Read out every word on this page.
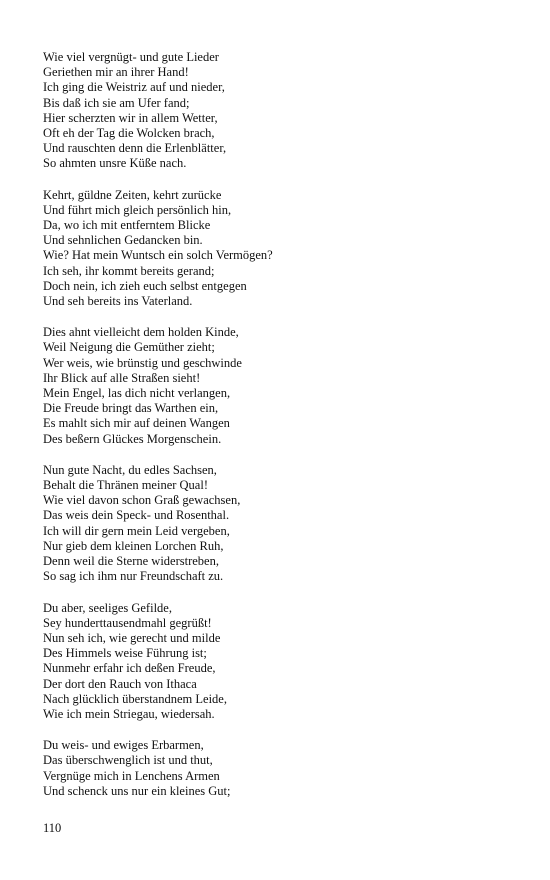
Wie viel vergnügt- und gute Lieder
Geriethen mir an ihrer Hand!
Ich ging die Weistriz auf und nieder,
Bis daß ich sie am Ufer fand;
Hier scherzten wir in allem Wetter,
Oft eh der Tag die Wolcken brach,
Und rauschten denn die Erlenblätter,
So ahmten unsre Küße nach.
Kehrt, güldne Zeiten, kehrt zurücke
Und führt mich gleich persönlich hin,
Da, wo ich mit entferntem Blicke
Und sehnlichen Gedancken bin.
Wie? Hat mein Wuntsch ein solch Vermögen?
Ich seh, ihr kommt bereits gerand;
Doch nein, ich zieh euch selbst entgegen
Und seh bereits ins Vaterland.
Dies ahnt vielleicht dem holden Kinde,
Weil Neigung die Gemüther zieht;
Wer weis, wie brünstig und geschwinde
Ihr Blick auf alle Straßen sieht!
Mein Engel, las dich nicht verlangen,
Die Freude bringt das Warthen ein,
Es mahlt sich mir auf deinen Wangen
Des beßern Glückes Morgenschein.
Nun gute Nacht, du edles Sachsen,
Behalt die Thränen meiner Qual!
Wie viel davon schon Graß gewachsen,
Das weis dein Speck- und Rosenthal.
Ich will dir gern mein Leid vergeben,
Nur gieb dem kleinen Lorchen Ruh,
Denn weil die Sterne widerstreben,
So sag ich ihm nur Freundschaft zu.
Du aber, seeliges Gefilde,
Sey hunderttausendmahl gegrüßt!
Nun seh ich, wie gerecht und milde
Des Himmels weise Führung ist;
Nunmehr erfahr ich deßen Freude,
Der dort den Rauch von Ithaca
Nach glücklich überstandnem Leide,
Wie ich mein Striegau, wiedersah.
Du weis- und ewiges Erbarmen,
Das überschwenglich ist und thut,
Vergnüge mich in Lenchens Armen
Und schenck uns nur ein kleines Gut;
110
